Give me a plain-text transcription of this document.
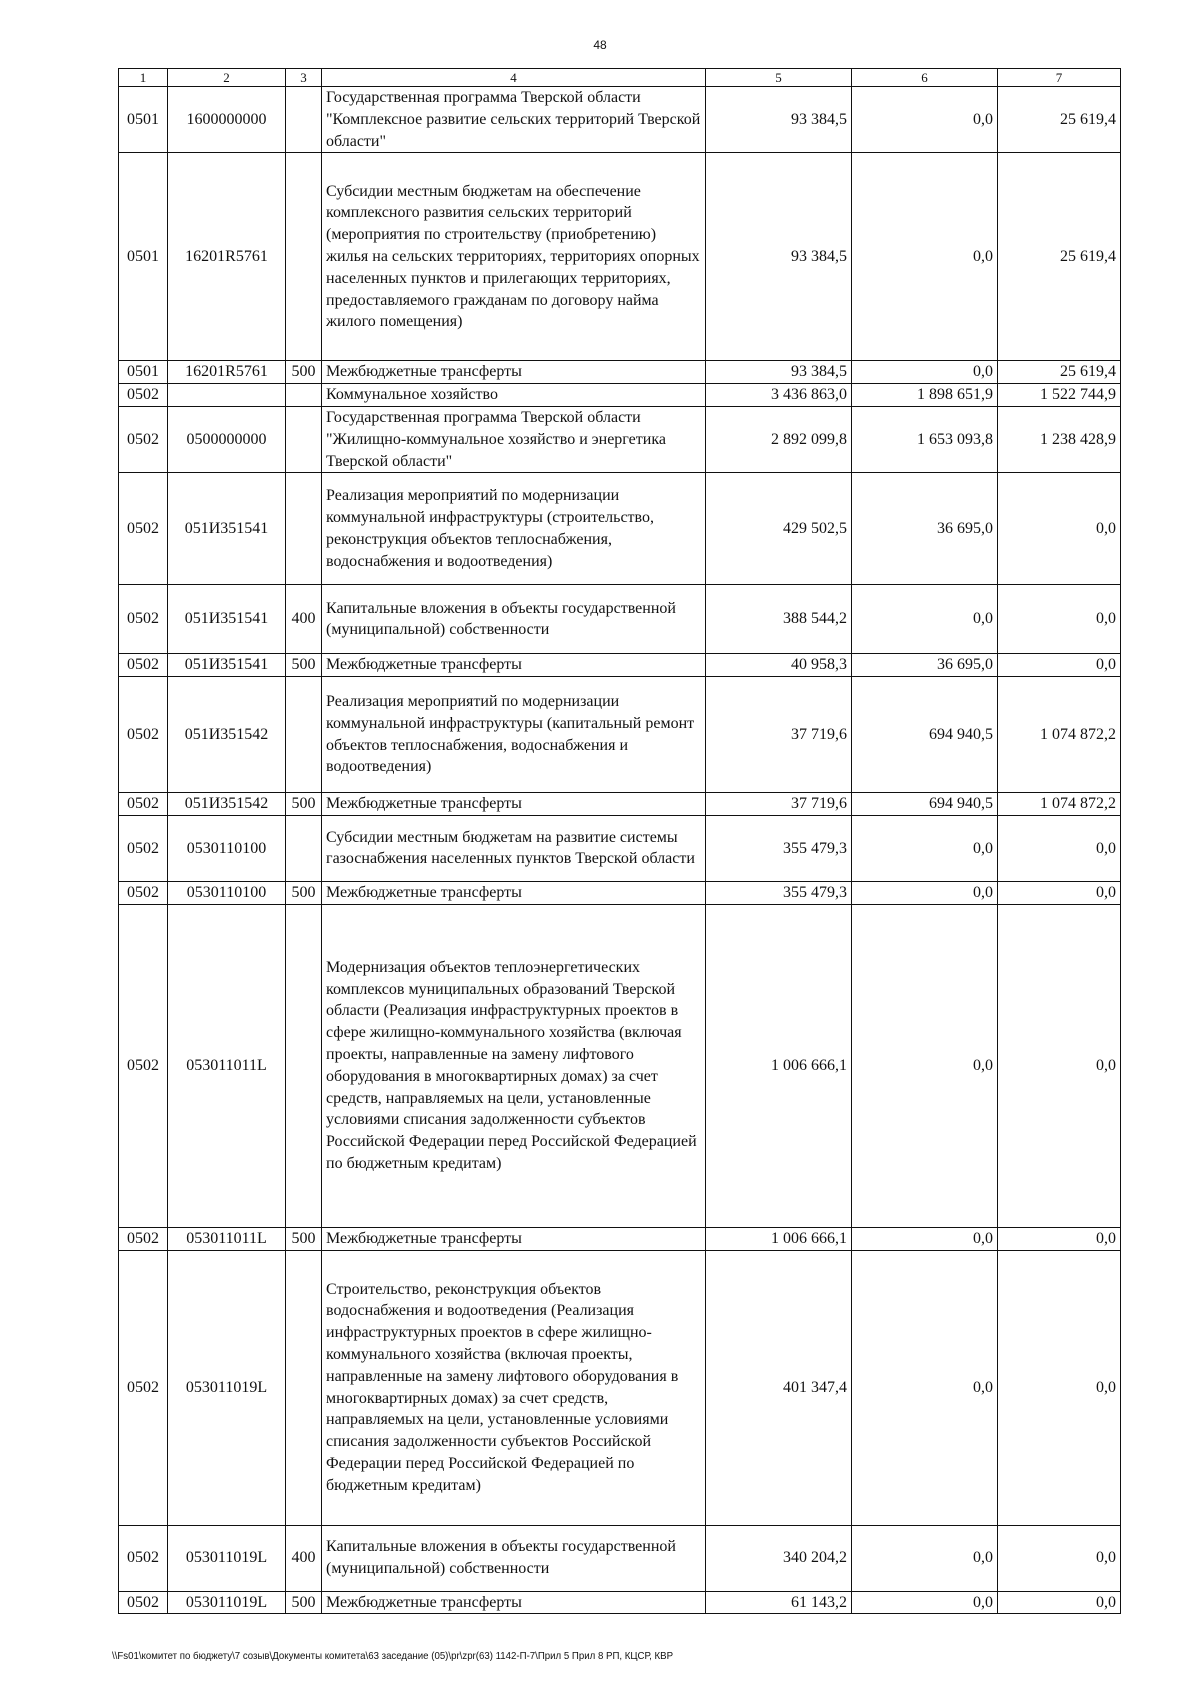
48
1	2	3	4	5	6	7
0501	1600000000		Государственная программа Тверской области "Комплексное развитие сельских территорий Тверской области"	93 384,5	0,0	25 619,4
0501	16201R5761		Субсидии местным бюджетам на обеспечение комплексного развития сельских территорий (мероприятия по строительству (приобретению) жилья на сельских территориях, территориях опорных населенных пунктов и прилегающих территориях, предоставляемого гражданам по договору найма жилого помещения)	93 384,5	0,0	25 619,4
0501	16201R5761	500	Межбюджетные трансферты	93 384,5	0,0	25 619,4
0502			Коммунальное хозяйство	3 436 863,0	1 898 651,9	1 522 744,9
0502	0500000000		Государственная программа Тверской области "Жилищно-коммунальное хозяйство и энергетика Тверской области"	2 892 099,8	1 653 093,8	1 238 428,9
0502	051И351541		Реализация мероприятий по модернизации коммунальной инфраструктуры (строительство, реконструкция объектов теплоснабжения, водоснабжения и водоотведения)	429 502,5	36 695,0	0,0
0502	051И351541	400	Капитальные вложения в объекты государственной (муниципальной) собственности	388 544,2	0,0	0,0
0502	051И351541	500	Межбюджетные трансферты	40 958,3	36 695,0	0,0
0502	051И351542		Реализация мероприятий по модернизации коммунальной инфраструктуры (капитальный ремонт объектов теплоснабжения, водоснабжения и водоотведения)	37 719,6	694 940,5	1 074 872,2
0502	051И351542	500	Межбюджетные трансферты	37 719,6	694 940,5	1 074 872,2
0502	0530110100		Субсидии местным бюджетам на развитие системы газоснабжения населенных пунктов Тверской области	355 479,3	0,0	0,0
0502	0530110100	500	Межбюджетные трансферты	355 479,3	0,0	0,0
0502	053011011L		Модернизация объектов теплоэнергетических комплексов муниципальных образований Тверской области (Реализация инфраструктурных проектов в сфере жилищно-коммунального хозяйства (включая проекты, направленные на замену лифтового оборудования в многоквартирных домах) за счет средств, направляемых на цели, установленные условиями списания задолженности субъектов Российской Федерации перед Российской Федерацией по бюджетным кредитам)	1 006 666,1	0,0	0,0
0502	053011011L	500	Межбюджетные трансферты	1 006 666,1	0,0	0,0
0502	053011019L		Строительство, реконструкция объектов водоснабжения и водоотведения (Реализация инфраструктурных проектов в сфере жилищно-коммунального хозяйства (включая проекты, направленные на замену лифтового оборудования в многоквартирных домах) за счет средств, направляемых на цели, установленные условиями списания задолженности субъектов Российской Федерации перед Российской Федерацией по бюджетным кредитам)	401 347,4	0,0	0,0
0502	053011019L	400	Капитальные вложения в объекты государственной (муниципальной) собственности	340 204,2	0,0	0,0
0502	053011019L	500	Межбюджетные трансферты	61 143,2	0,0	0,0
\\Fs01\комитет по бюджету\7 созыв\Документы комитета\63 заседание (05)\pr\zpr(63) 1142-П-7\Прил 5 Прил 8 РП, КЦСР, КВР
